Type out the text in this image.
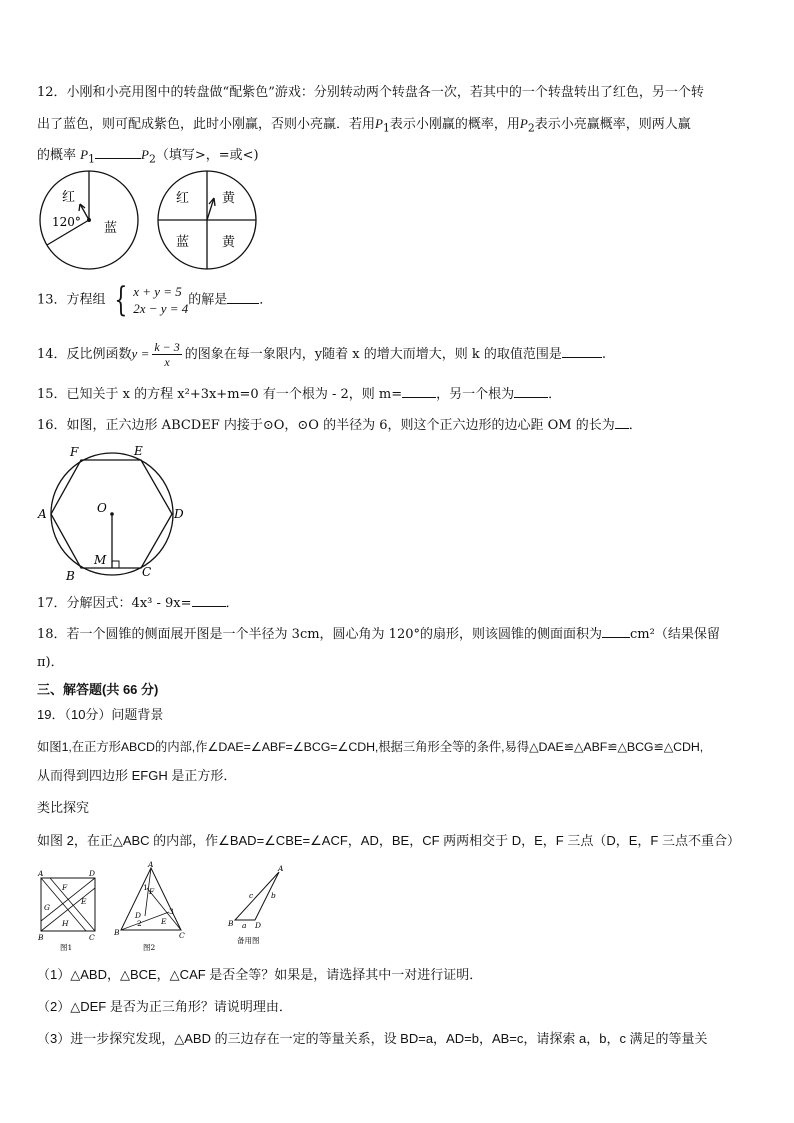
12．小刚和小亮用图中的转盘做“配紫色”游戏：分别转动两个转盘各一次，若其中的一个转盘转出了红色，另一个转
出了蓝色，则可配成紫色，此时小刚赢，否则小亮赢．若用$P_1$表示小刚赢的概率，用$P_2$表示小亮赢概率，则两人赢
的概率 $P_1$	$P_2$（填写>，=或<)
红
120° 蓝
红	黄
蓝	黄
13．方程组 { x + y = 5
2x − y = 4
的解是 ．
14．反比例函数$y = \frac{k - 3}{x}$ 的图象在每一象限内，y随着 x 的增大而增大，则 k 的取值范围是	.
15．已知关于 x 的方程 x²+3x+m=0 有一个根为 - 2，则 m=	，另一个根为	．
16．如图，正六边形 ABCDEF 内接于⊙O，⊙O 的半径为 6，则这个正六边形的边心距 OM 的长为 ．
F	E
A	D
B	C
O
M
17．分解因式：4x³ - 9x=	．
18．若一个圆锥的侧面展开图是一个半径为 3cm，圆心角为 120°的扇形，则该圆锥的侧面面积为 cm²（结果保留
π)．
三、解答题(共 66 分)
19．（10分）问题背景
如图1,在正方形ABCD的内部,作∠DAE=∠ABF=∠BCG=∠CDH,根据三角形全等的条件,易得△DAE≌△ABF≌△BCG≌△CDH,
从而得到四边形 EFGH 是正方形．
类比探究
如图 2，在正△ABC 的内部，作∠BAD=∠CBE=∠ACF，AD，BE，CF 两两相交于 D，E，F 三点（D，E，F 三点不重合）
A	D
B	C
F
E
G
H
图1
A
B	C
D
E
F
1
2
3
图2
A
B	D
a
b
c
备用图
（1）△ABD，△BCE，△CAF 是否全等？如果是，请选择其中一对进行证明．
（2）△DEF 是否为正三角形？请说明理由．
（3）进一步探究发现，△ABD 的三边存在一定的等量关系，设 BD=a，AD=b，AB=c，请探索 a，b，c 满足的等量关
